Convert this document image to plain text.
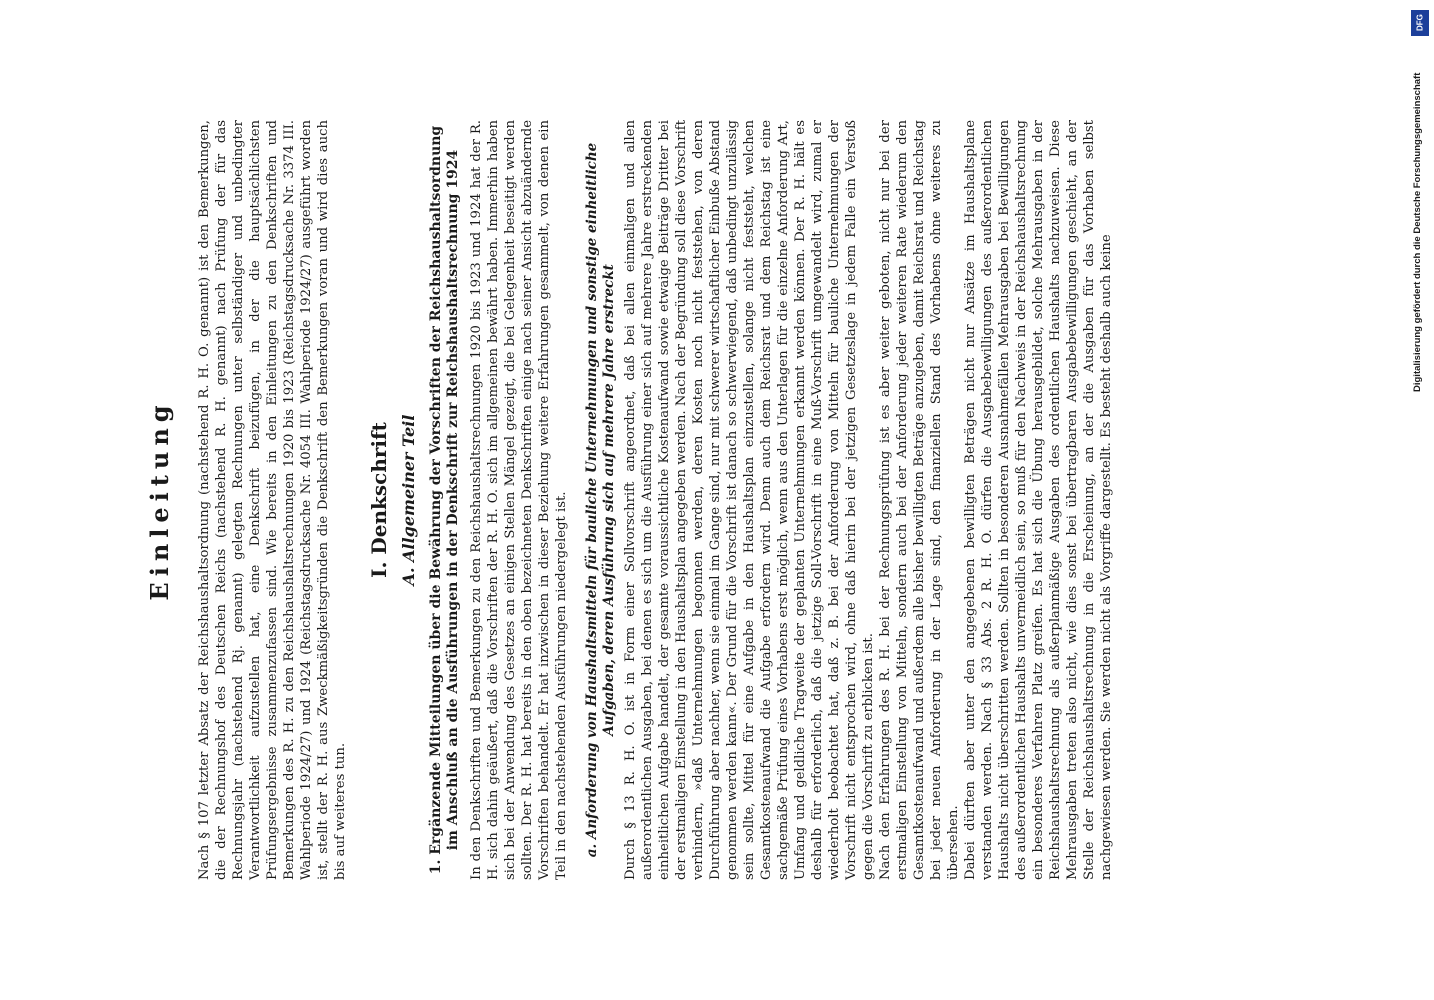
Einleitung Nach § 107 letzter Absatz der Reichshaushaltsordnung (nachstehend R. H. O. genannt) ist den Bemerkungen, die der Rechnungshof des Deutschen Reichs (nachstehend R. H. genannt) nach Prüfung der für das Rechnungsjahr (nachstehend Rj. genannt) gelegten Rechnungen unter selbständiger und unbedingter Verantwortlichkeit aufzustellen hat, eine Denkschrift beizufügen, in der die hauptsächlichsten Prüfungsergebnisse zusammenzufassen sind. Wie bereits in den Einleitungen zu den Denkschriften und Bemerkungen des R. H. zu den Reichshaushaltsrechnungen 1920 bis 1923 (Reichstagsdrucksache Nr. 3374 III. Wahlperiode 1924/27) und 1924 (Reichstagsdrucksache Nr. 4054 III. Wahlperiode 1924/27) ausgeführt worden ist, stellt der R. H. aus Zweckmäßigkeitsgründen die Denkschrift den Bemerkungen voran und wird dies auch bis auf weiteres tun.

I. Denkschrift A. Allgemeiner Teil 1. Ergänzende Mitteilungen über die Bewährung der Vorschriften der Reichshaushaltsordnung im Anschluß an die Ausführungen in der Denkschrift zur Reichshaushaltsrechnung 1924 In den Denkschriften und Bemerkungen zu den Reichshaushaltsrechnungen 1920 bis 1923 und 1924 hat der R. H. sich dahin geäußert, daß die Vorschriften der R. H. O. sich im allgemeinen bewährt haben. Immerhin haben sich bei der Anwendung des Gesetzes an einigen Stellen Mängel gezeigt, die bei Gelegenheit beseitigt werden sollten. Der R. H. hat bereits in den oben bezeichneten Denkschriften einige nach seiner Ansicht abzuändernde Vorschriften behandelt. Er hat inzwischen in dieser Beziehung weitere Erfahrungen gesammelt, von denen ein Teil in den nachstehenden Ausführungen niedergelegt ist. a. Anforderung von Haushaltsmitteln für bauliche Unternehmungen und sonstige einheitliche Aufgaben, deren Ausführung sich auf mehrere Jahre erstreckt Durch § 13 R. H. O. ist in Form einer Sollvorschrift angeordnet, daß bei allen einmaligen und allen außerordentlichen Ausgaben, bei denen es sich um die Ausführung einer sich auf mehrere Jahre erstreckenden einheitlichen Aufgabe handelt, der gesamte voraussichtliche Kostenaufwand sowie etwaige Beiträge Dritter bei der erstmaligen Einstellung in den Haushaltsplan angegeben werden. Nach der Begründung soll diese Vorschrift verhindern, »daß Unternehmungen begonnen werden, deren Kosten noch nicht feststehen, von deren Durchführung aber nachher, wenn sie einmal im Gange sind, nur mit schwerer wirtschaftlicher Einbuße Abstand genommen werden kann«. Der Grund für die Vorschrift ist danach so schwerwiegend, daß unbedingt unzulässig sein sollte, Mittel für eine Aufgabe in den Haushaltsplan einzustellen, solange nicht feststeht, welchen Gesamtkostenaufwand die Aufgabe erfordern wird. Denn auch dem Reichsrat und dem Reichstag ist eine sachgemäße Prüfung eines Vorhabens erst möglich, wenn aus den Unterlagen für die einzelne Anforderung Art, Umfang und geldliche Tragweite der geplanten Unternehmungen erkannt werden können. Der R. H. hält es deshalb für erforderlich, daß die jetzige Soll-Vorschrift in eine Muß-Vorschrift umgewandelt wird, zumal er wiederholt beobachtet hat, daß z. B. bei der Anforderung von Mitteln für bauliche Unternehmungen der Vorschrift nicht entsprochen wird, ohne daß hierin bei der jetzigen Gesetzeslage in jedem Falle ein Verstoß gegen die Vorschrift zu erblicken ist. Nach den Erfahrungen des R. H. bei der Rechnungsprüfung ist es aber weiter geboten, nicht nur bei der erstmaligen Einstellung von Mitteln, sondern auch bei der Anforderung jeder weiteren Rate wiederum den Gesamtkostenaufwand und außerdem alle bisher bewilligten Beträge anzugeben, damit Reichsrat und Reichstag bei jeder neuen Anforderung in der Lage sind, den finanziellen Stand des Vorhabens ohne weiteres zu übersehen. Dabei dürften aber unter den angegebenen bewilligten Beträgen nicht nur Ansätze im Haushaltsplane verstanden werden. Nach § 33 Abs. 2 R. H. O. dürfen die Ausgabebewilligungen des außerordentlichen Haushalts nicht überschritten werden. Sollten in besonderen Ausnahmefällen Mehrausgaben bei Bewilligungen des außerordentlichen Haushalts unvermeidlich sein, so muß für den Nachweis in der Reichshaushaltsrechnung ein besonderes Verfahren Platz greifen. Es hat sich die Übung herausgebildet, solche Mehrausgaben in der Reichshaushaltsrechnung als außerplanmäßige Ausgaben des ordentlichen Haushalts nachzuweisen. Diese Mehrausgaben treten also nicht, wie dies sonst bei übertragbaren Ausgabebewilligungen geschieht, an der Stelle der Reichshaushaltsrechnung in die Erscheinung, an der die Ausgaben für das Vorhaben selbst nachgewiesen werden. Sie werden nicht als Vorgriffe dargestellt. Es besteht deshalb auch keine

DFG
Digitalisierung gefördert durch die Deutsche Forschungsgemeinschaft
